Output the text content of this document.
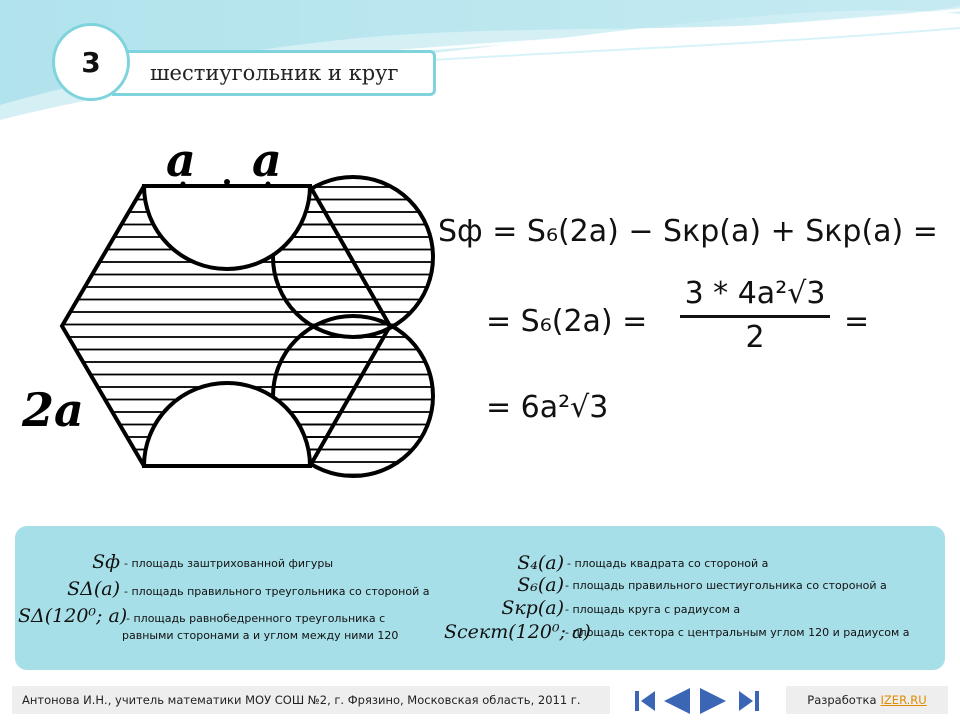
3 шестиугольник и круг
a a
2a
Sф = S₆(2a) − Sкр(a) + Sкр(a) =
= $S_6(2a) = \frac{\text{3 * 4a²√3}}{2}$ =
= 6a²√3
Sф - площадь заштрихованной фигуры
SΔ(a) - площадь правильного треугольника со стороной a
SΔ(120⁰; a)
- площадь равнобедренного треугольника с
равными сторонами a и углом между ними 120
S₄(a) - площадь квадрата со стороной a
S₆(a) - площадь правильного шестиугольника со стороной a
Sкр(a) - площадь круга с радиусом a
Sсект(120⁰; a)
- площадь сектора с центральным углом 120 и радиусом a
Антонова И.Н., учитель математики МОУ СОШ №2, г. Фрязино, Московская область, 2011 г.	Разработка IZER.RU
